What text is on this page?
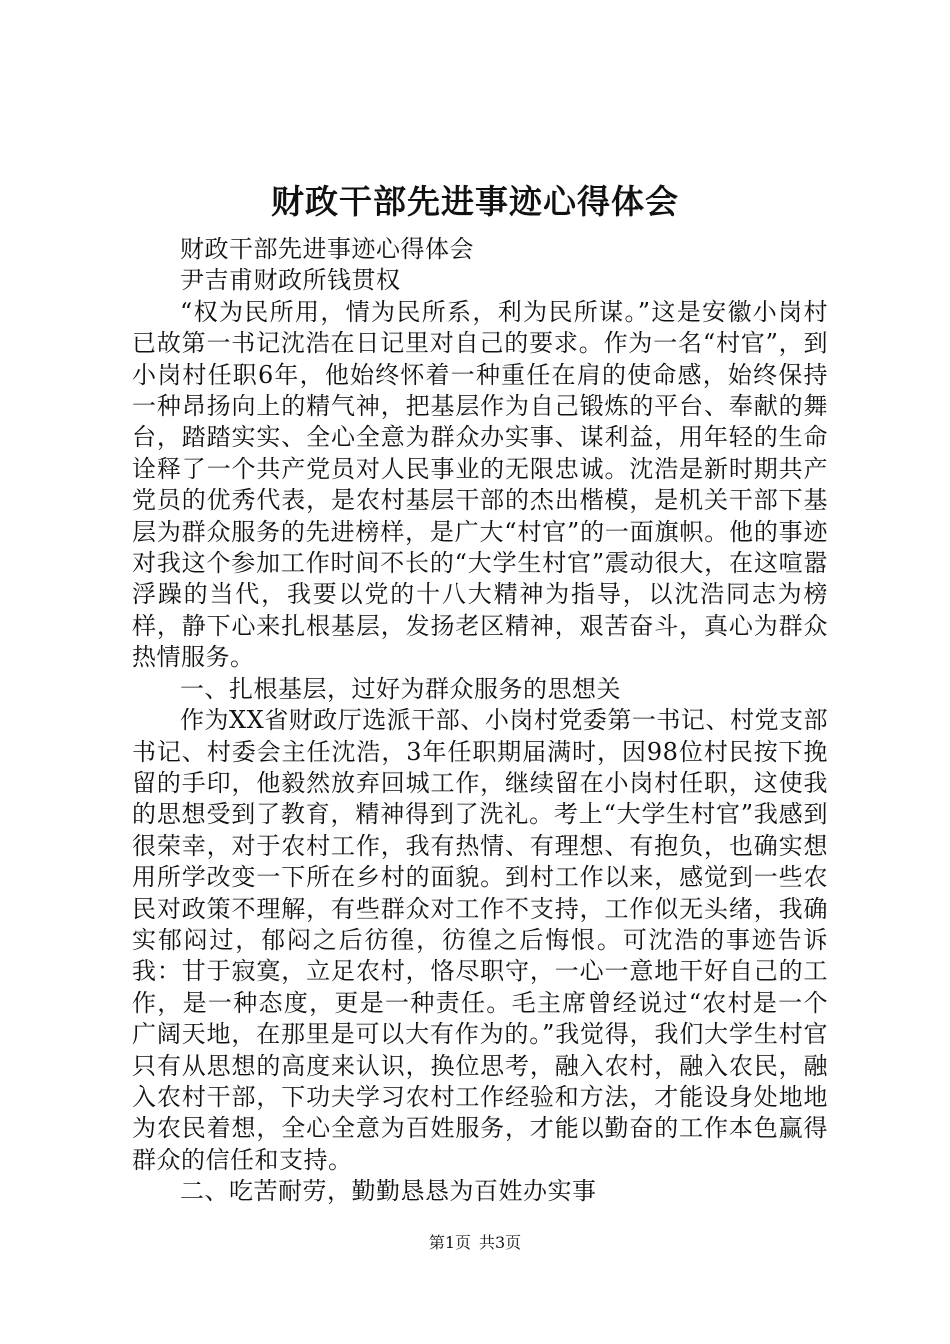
财政干部先进事迹心得体会

财政干部先进事迹心得体会

尹吉甫财政所钱贯权

“权为民所用，情为民所系，利为民所谋。”这是安徽小岗村已故第一书记沈浩在日记里对自己的要求。作为一名“村官”，到小岗村任职6年，他始终怀着一种重任在肩的使命感，始终保持一种昂扬向上的精气神，把基层作为自己锻炼的平台、奉献的舞台，踏踏实实、全心全意为群众办实事、谋利益，用年轻的生命诠释了一个共产党员对人民事业的无限忠诚。沈浩是新时期共产党员的优秀代表，是农村基层干部的杰出楷模，是机关干部下基层为群众服务的先进榜样，是广大“村官”的一面旗帜。他的事迹对我这个参加工作时间不长的“大学生村官”震动很大，在这喧嚣浮躁的当代，我要以党的十八大精神为指导，以沈浩同志为榜样，静下心来扎根基层，发扬老区精神，艰苦奋斗，真心为群众热情服务。

一、扎根基层，过好为群众服务的思想关

作为XX省财政厅选派干部、小岗村党委第一书记、村党支部书记、村委会主任沈浩，3年任职期届满时，因98位村民按下挽留的手印，他毅然放弃回城工作，继续留在小岗村任职，这使我的思想受到了教育，精神得到了洗礼。考上“大学生村官”我感到很荣幸，对于农村工作，我有热情、有理想、有抱负，也确实想用所学改变一下所在乡村的面貌。到村工作以来，感觉到一些农民对政策不理解，有些群众对工作不支持，工作似无头绪，我确实郁闷过，郁闷之后彷徨，彷徨之后悔恨。可沈浩的事迹告诉我：甘于寂寞，立足农村，恪尽职守，一心一意地干好自己的工作，是一种态度，更是一种责任。毛主席曾经说过“农村是一个广阔天地，在那里是可以大有作为的。”我觉得，我们大学生村官只有从思想的高度来认识，换位思考，融入农村，融入农民，融入农村干部，下功夫学习农村工作经验和方法，才能设身处地地为农民着想，全心全意为百姓服务，才能以勤奋的工作本色赢得群众的信任和支持。

二、吃苦耐劳，勤勤恳恳为百姓办实事

第1页 共3页
